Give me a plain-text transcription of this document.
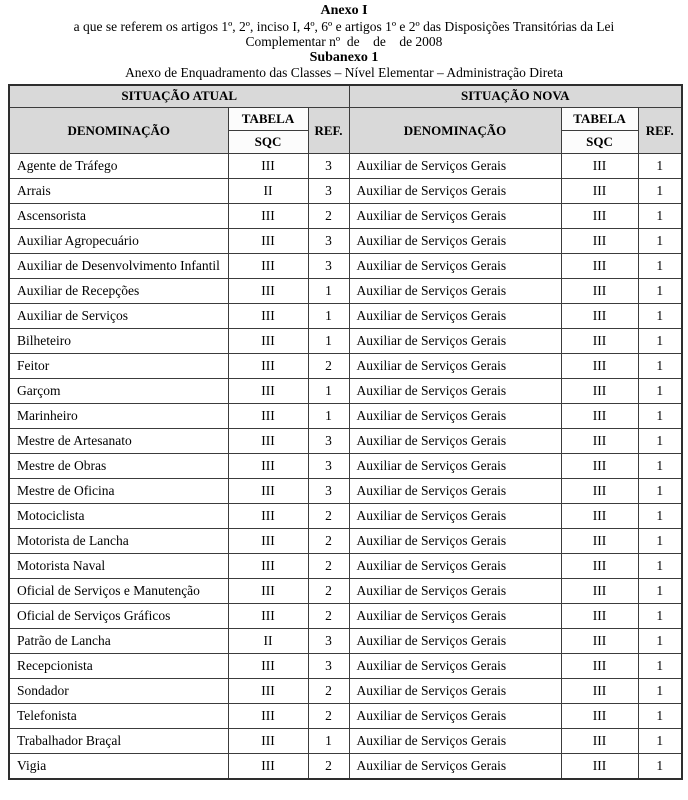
Anexo I
a que se referem os artigos 1º, 2º, inciso I, 4º, 6º e artigos 1º e 2º das Disposições Transitórias da Lei
Complementar nº  de    de    de 2008
Subanexo 1
Anexo de Enquadramento das Classes – Nível Elementar – Administração Direta
SITUAÇÃO ATUAL			SITUAÇÃO NOVA		
DENOMINAÇÃO	TABELA	REF.	DENOMINAÇÃO	TABELA	REF.
	SQC			SQC	
Agente de Tráfego	III	3	Auxiliar de Serviços Gerais	III	1
Arrais	II	3	Auxiliar de Serviços Gerais	III	1
Ascensorista	III	2	Auxiliar de Serviços Gerais	III	1
Auxiliar Agropecuário	III	3	Auxiliar de Serviços Gerais	III	1
Auxiliar de Desenvolvimento Infantil	III	3	Auxiliar de Serviços Gerais	III	1
Auxiliar de Recepções	III	1	Auxiliar de Serviços Gerais	III	1
Auxiliar de Serviços	III	1	Auxiliar de Serviços Gerais	III	1
Bilheteiro	III	1	Auxiliar de Serviços Gerais	III	1
Feitor	III	2	Auxiliar de Serviços Gerais	III	1
Garçom	III	1	Auxiliar de Serviços Gerais	III	1
Marinheiro	III	1	Auxiliar de Serviços Gerais	III	1
Mestre de Artesanato	III	3	Auxiliar de Serviços Gerais	III	1
Mestre de Obras	III	3	Auxiliar de Serviços Gerais	III	1
Mestre de Oficina	III	3	Auxiliar de Serviços Gerais	III	1
Motociclista	III	2	Auxiliar de Serviços Gerais	III	1
Motorista de Lancha	III	2	Auxiliar de Serviços Gerais	III	1
Motorista Naval	III	2	Auxiliar de Serviços Gerais	III	1
Oficial de Serviços e Manutenção	III	2	Auxiliar de Serviços Gerais	III	1
Oficial de Serviços Gráficos	III	2	Auxiliar de Serviços Gerais	III	1
Patrão de Lancha	II	3	Auxiliar de Serviços Gerais	III	1
Recepcionista	III	3	Auxiliar de Serviços Gerais	III	1
Sondador	III	2	Auxiliar de Serviços Gerais	III	1
Telefonista	III	2	Auxiliar de Serviços Gerais	III	1
Trabalhador Braçal	III	1	Auxiliar de Serviços Gerais	III	1
Vigia	III	2	Auxiliar de Serviços Gerais	III	1
